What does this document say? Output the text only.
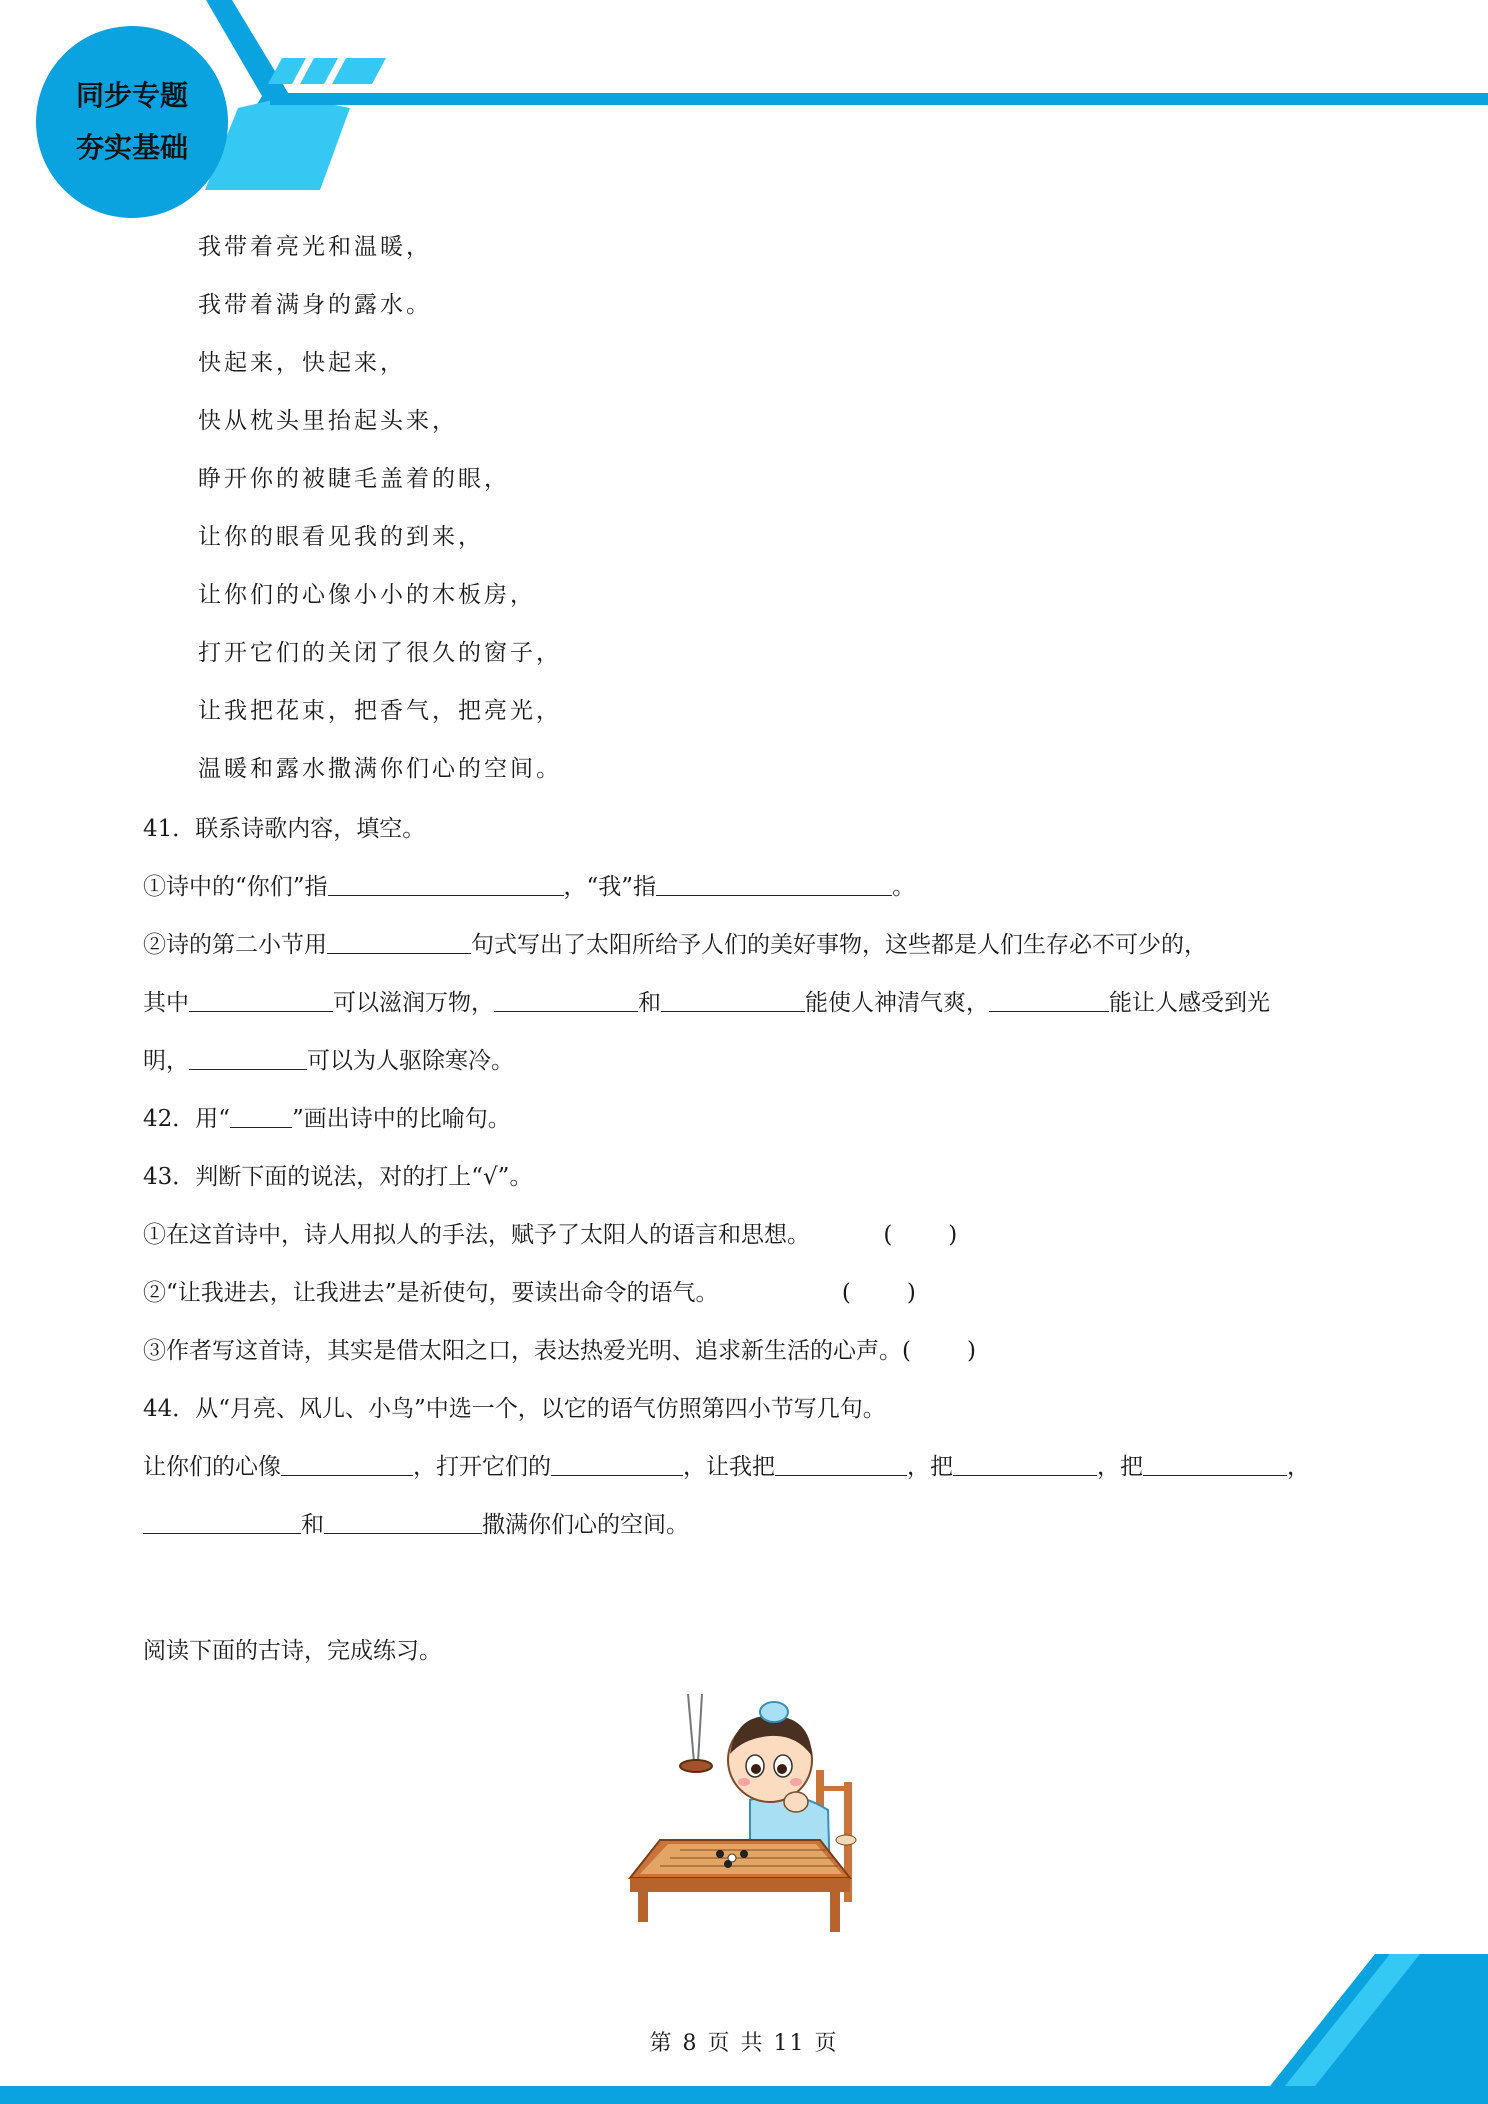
同步专题
夯实基础
我带着亮光和温暖，
我带着满身的露水。
快起来，快起来，
快从枕头里抬起头来，
睁开你的被睫毛盖着的眼，
让你的眼看见我的到来，
让你们的心像小小的木板房，
打开它们的关闭了很久的窗子，
让我把花束，把香气，把亮光，
温暖和露水撒满你们心的空间。
41．联系诗歌内容，填空。
①诗中的“你们”指	，“我”指	。
②诗的第二小节用	句式写出了太阳所给予人们的美好事物，这些都是人们生存必不可少的，
其中	可以滋润万物，	和	能使人神清气爽，	能让人感受到光
明，	可以为人驱除寒冷。
42．用“	”画出诗中的比喻句。
43．判断下面的说法，对的打上“√”。
①在这首诗中，诗人用拟人的手法，赋予了太阳人的语言和思想。	( )
②“让我进去，让我进去”是祈使句，要读出命令的语气。	( )
③作者写这首诗，其实是借太阳之口，表达热爱光明、追求新生活的心声。( )
44．从“月亮、风儿、小鸟”中选一个，以它的语气仿照第四小节写几句。
让你们的心像	，打开它们的	，让我把	，把	，把	，
和	撒满你们心的空间。
阅读下面的古诗，完成练习。
第 8 页 共 11 页
